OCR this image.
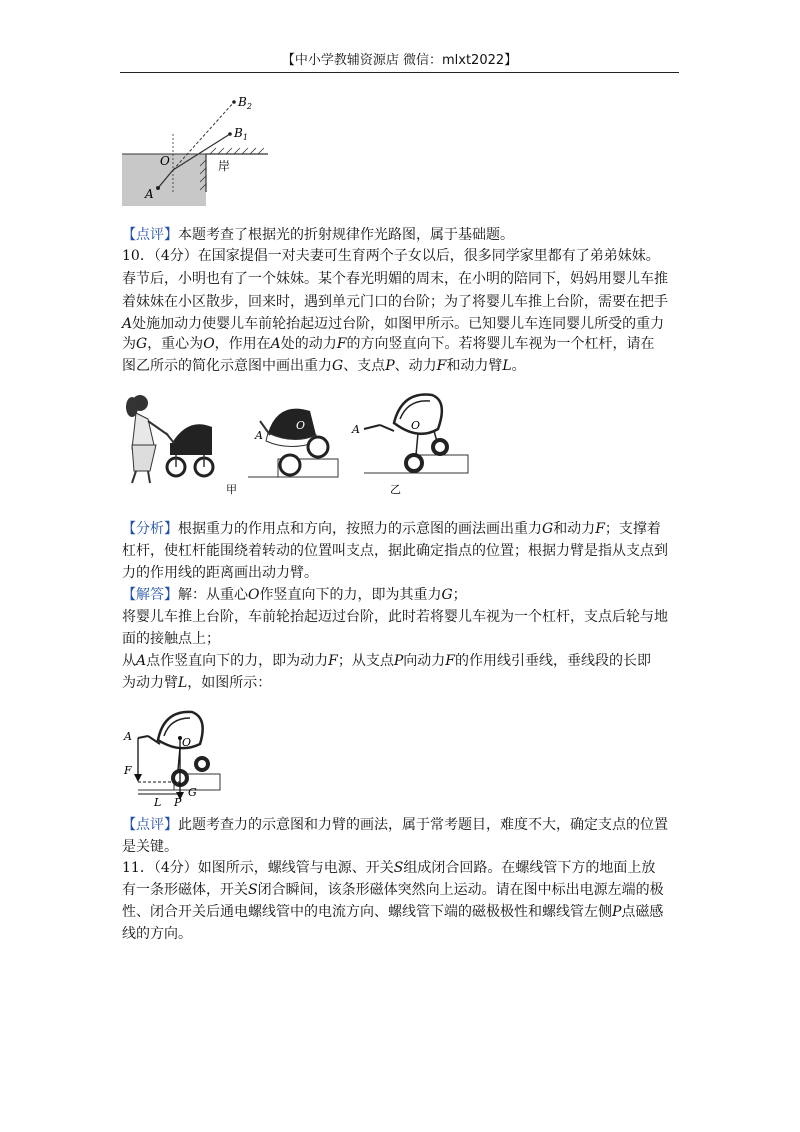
【中小学教辅资源店 微信：mlxt2022】
$B_2$
$B_1$
O
A
岸

【点评】本题考查了根据光的折射规律作光路图，属于基础题。

10．（4分）在国家提倡一对夫妻可生育两个子女以后，很多同学家里都有了弟弟妹妹。

春节后，小明也有了一个妹妹。某个春光明媚的周末，在小明的陪同下，妈妈用婴儿车推

着妹妹在小区散步，回来时，遇到单元门口的台阶；为了将婴儿车推上台阶，需要在把手

A处施加动力使婴儿车前轮抬起迈过台阶，如图甲所示。已知婴儿车连同婴儿所受的重力

为G，重心为O，作用在A处的动力F的方向竖直向下。若将婴儿车视为一个杠杆，请在

图乙所示的简化示意图中画出重力G、支点P、动力F和动力臂L。

甲
A
O	A	O
乙

【分析】根据重力的作用点和方向，按照力的示意图的画法画出重力G和动力F；支撑着

杠杆，使杠杆能围绕着转动的位置叫支点，据此确定指点的位置；根据力臂是指从支点到

力的作用线的距离画出动力臂。

【解答】解：从重心O作竖直向下的力，即为其重力G；

将婴儿车推上台阶，车前轮抬起迈过台阶，此时若将婴儿车视为一个杠杆，支点后轮与地

面的接触点上；

从A点作竖直向下的力，即为动力F；从支点P向动力F的作用线引垂线，垂线段的长即

为动力臂L，如图所示：

A	O
F
G
L P

【点评】此题考查力的示意图和力臂的画法，属于常考题目，难度不大，确定支点的位置

是关键。

11．（4分）如图所示，螺线管与电源、开关S组成闭合回路。在螺线管下方的地面上放

有一条形磁体，开关S闭合瞬间，该条形磁体突然向上运动。请在图中标出电源左端的极

性、闭合开关后通电螺线管中的电流方向、螺线管下端的磁极极性和螺线管左侧P点磁感

线的方向。
